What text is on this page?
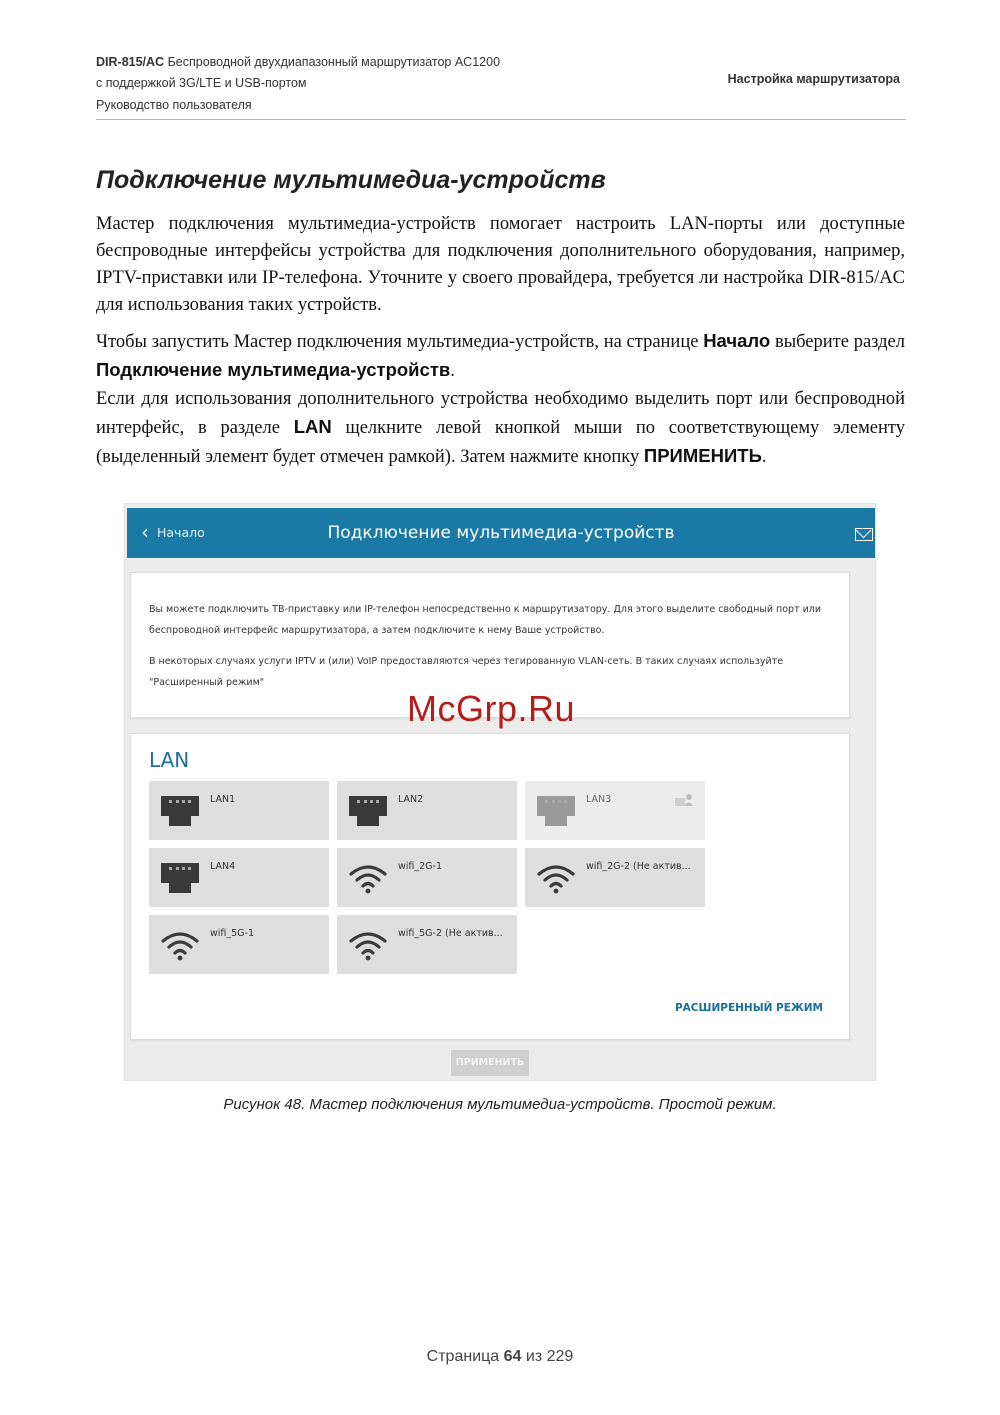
DIR-815/AC Беспроводной двухдиапазонный маршрутизатор AC1200
с поддержкой 3G/LTE и USB-портом
Руководство пользователя
Настройка маршрутизатора
Подключение мультимедиа-устройств
Мастер подключения мультимедиа-устройств помогает настроить LAN-порты или доступные беспроводные интерфейсы устройства для подключения дополнительного оборудования, например, IPTV-приставки или IP-телефона. Уточните у своего провайдера, требуется ли настройка DIR-815/AC для использования таких устройств.
Чтобы запустить Мастер подключения мультимедиа-устройств, на странице Начало выберите раздел Подключение мультимедиа-устройств.
Если для использования дополнительного устройства необходимо выделить порт или беспроводной интерфейс, в разделе LAN щелкните левой кнопкой мыши по соответствующему элементу (выделенный элемент будет отмечен рамкой). Затем нажмите кнопку ПРИМЕНИТЬ.
‹ Начало	Подключение мультимедиа-устройств

Вы можете подключить ТВ-приставку или IP-телефон непосредственно к маршрутизатору. Для этого выделите свободный порт или беспроводной интерфейс маршрутизатора, а затем подключите к нему Ваше устройство.

В некоторых случаях услуги IPTV и (или) VoIP предоставляются через тегированную VLAN-сеть. В таких случаях используйте "Расширенный режим"

LAN
LAN1	LAN2	LAN3
LAN4	wifi_2G-1	wifi_2G-2 (Не актив...
wifi_5G-1	wifi_5G-2 (Не актив...
РАСШИРЕННЫЙ РЕЖИМ
ПРИМЕНИТЬ
McGrp.Ru
Рисунок 48. Мастер подключения мультимедиа-устройств. Простой режим.
Страница 64 из 229
